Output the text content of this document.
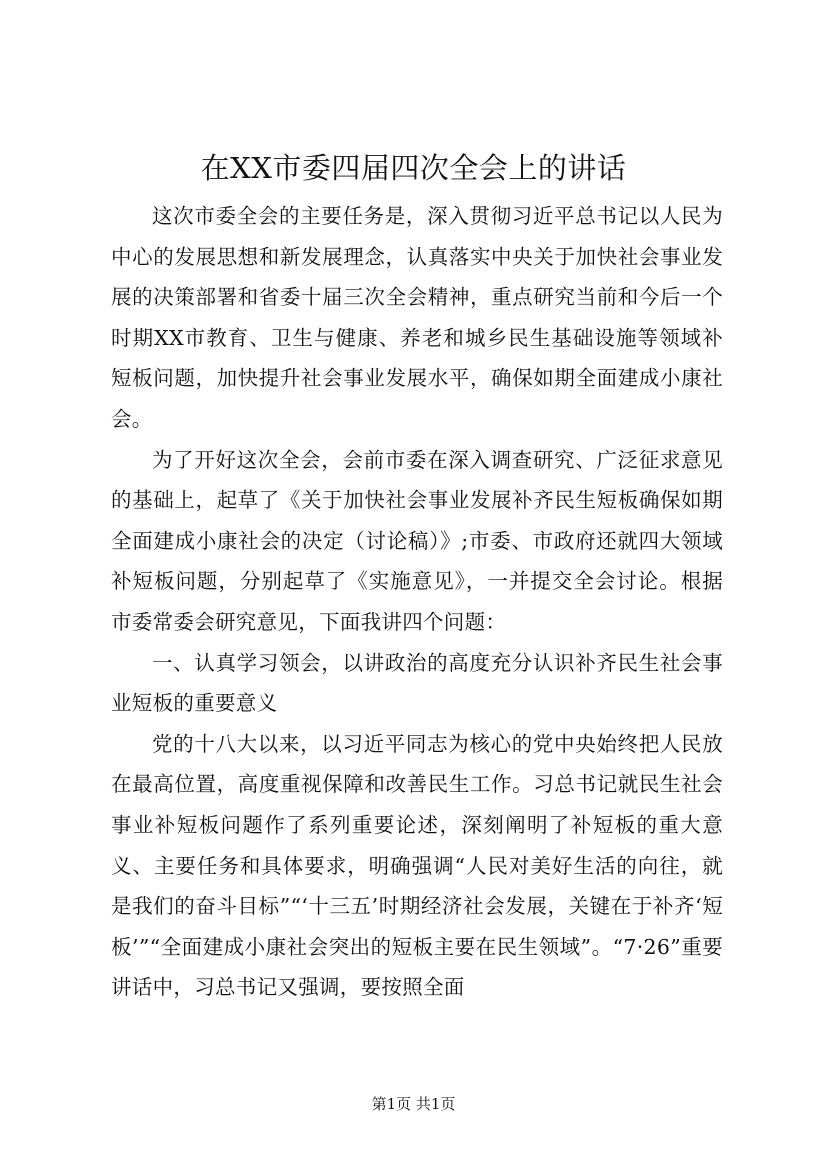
在XX市委四届四次全会上的讲话

这次市委全会的主要任务是，深入贯彻习近平总书记以人民为中心的发展思想和新发展理念，认真落实中央关于加快社会事业发展的决策部署和省委十届三次全会精神，重点研究当前和今后一个时期XX市教育、卫生与健康、养老和城乡民生基础设施等领域补短板问题，加快提升社会事业发展水平，确保如期全面建成小康社会。

为了开好这次全会，会前市委在深入调查研究、广泛征求意见的基础上，起草了《关于加快社会事业发展补齐民生短板确保如期全面建成小康社会的决定（讨论稿）》;市委、市政府还就四大领域补短板问题，分别起草了《实施意见》，一并提交全会讨论。根据市委常委会研究意见，下面我讲四个问题：

一、认真学习领会，以讲政治的高度充分认识补齐民生社会事业短板的重要意义

党的十八大以来，以习近平同志为核心的党中央始终把人民放在最高位置，高度重视保障和改善民生工作。习总书记就民生社会事业补短板问题作了系列重要论述，深刻阐明了补短板的重大意义、主要任务和具体要求，明确强调“人民对美好生活的向往，就是我们的奋斗目标”“‘十三五’时期经济社会发展，关键在于补齐‘短板’”“全面建成小康社会突出的短板主要在民生领域”。“7·26”重要讲话中，习总书记又强调，要按照全面

第1页 共1页
